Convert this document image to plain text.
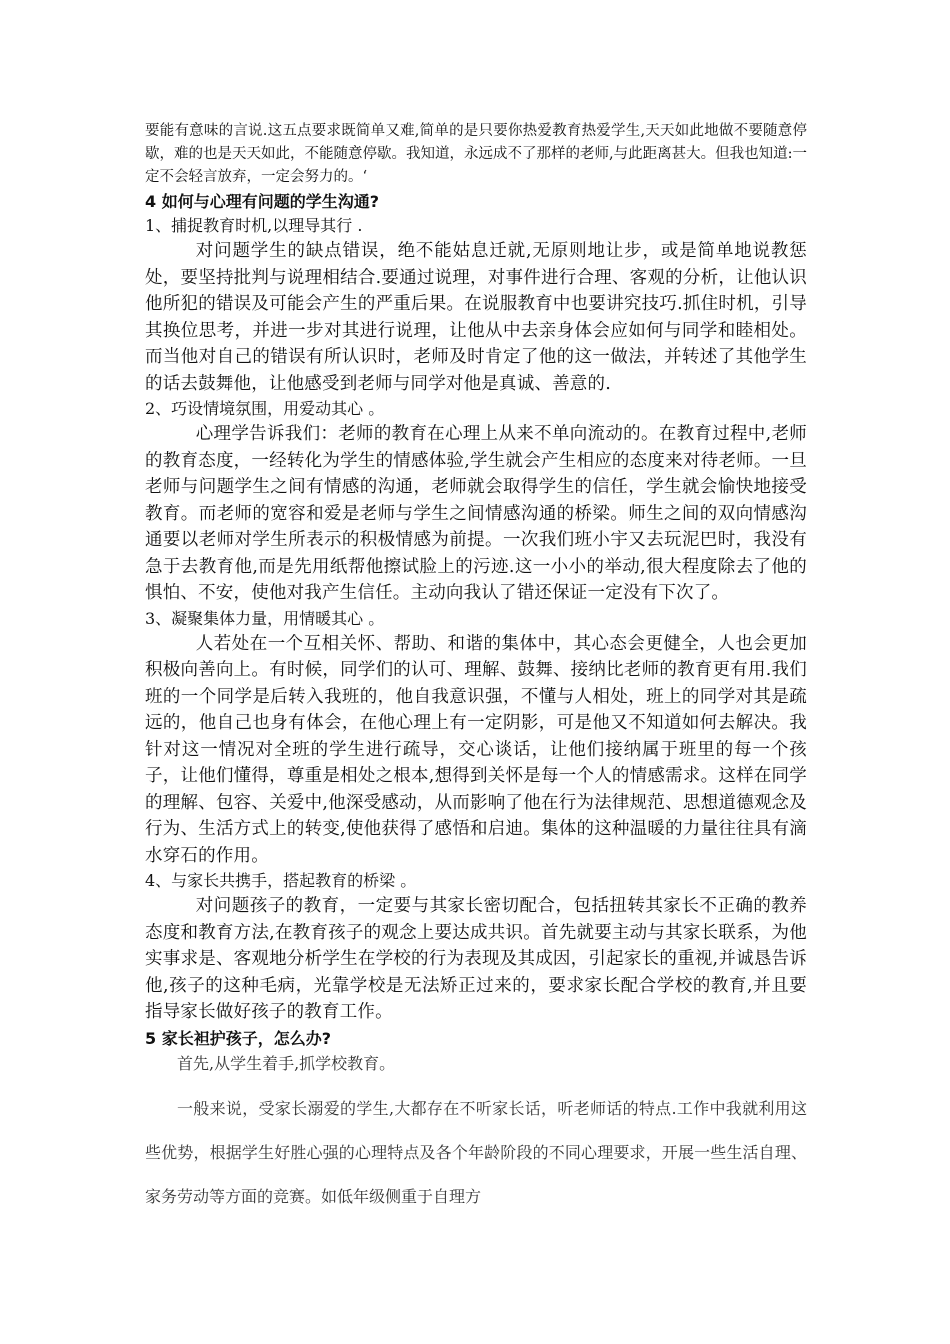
要能有意味的言说.这五点要求既简单又难,简单的是只要你热爱教育热爱学生,天天如此地做不要随意停歇，难的也是天天如此，不能随意停歇。我知道，永远成不了那样的老师,与此距离甚大。但我也知道:一定不会轻言放弃，一定会努力的。‘

4 如何与心理有问题的学生沟通?
1、捕捉教育时机,以理导其行 .

对问题学生的缺点错误，绝不能姑息迁就,无原则地让步，或是简单地说教惩处，要坚持批判与说理相结合.要通过说理，对事件进行合理、客观的分析，让他认识他所犯的错误及可能会产生的严重后果。在说服教育中也要讲究技巧.抓住时机，引导其换位思考，并进一步对其进行说理，让他从中去亲身体会应如何与同学和睦相处。而当他对自己的错误有所认识时，老师及时肯定了他的这一做法，并转述了其他学生的话去鼓舞他，让他感受到老师与同学对他是真诚、善意的.

2、巧设情境氛围，用爱动其心 。

心理学告诉我们：老师的教育在心理上从来不单向流动的。在教育过程中,老师的教育态度，一经转化为学生的情感体验,学生就会产生相应的态度来对待老师。一旦老师与问题学生之间有情感的沟通，老师就会取得学生的信任，学生就会愉快地接受教育。而老师的宽容和爱是老师与学生之间情感沟通的桥梁。师生之间的双向情感沟通要以老师对学生所表示的积极情感为前提。一次我们班小宇又去玩泥巴时，我没有急于去教育他,而是先用纸帮他擦试脸上的污迹.这一小小的举动,很大程度除去了他的惧怕、不安，使他对我产生信任。主动向我认了错还保证一定没有下次了。

3、凝聚集体力量，用情暖其心 。

人若处在一个互相关怀、帮助、和谐的集体中，其心态会更健全，人也会更加积极向善向上。有时候，同学们的认可、理解、鼓舞、接纳比老师的教育更有用.我们班的一个同学是后转入我班的，他自我意识强，不懂与人相处，班上的同学对其是疏远的，他自己也身有体会，在他心理上有一定阴影，可是他又不知道如何去解决。我针对这一情况对全班的学生进行疏导，交心谈话，让他们接纳属于班里的每一个孩子，让他们懂得，尊重是相处之根本,想得到关怀是每一个人的情感需求。这样在同学的理解、包容、关爱中,他深受感动，从而影响了他在行为法律规范、思想道德观念及行为、生活方式上的转变,使他获得了感悟和启迪。集体的这种温暖的力量往往具有滴水穿石的作用。

4、与家长共携手，搭起教育的桥梁 。

对问题孩子的教育，一定要与其家长密切配合，包括扭转其家长不正确的教养态度和教育方法,在教育孩子的观念上要达成共识。首先就要主动与其家长联系，为他实事求是、客观地分析学生在学校的行为表现及其成因，引起家长的重视,并诚恳告诉他,孩子的这种毛病，光靠学校是无法矫正过来的，要求家长配合学校的教育,并且要指导家长做好孩子的教育工作。

5 家长袒护孩子，怎么办?

首先,从学生着手,抓学校教育。

一般来说，受家长溺爱的学生,大都存在不听家长话，听老师话的特点.工作中我就利用这些优势，根据学生好胜心强的心理特点及各个年龄阶段的不同心理要求，开展一些生活自理、家务劳动等方面的竞赛。如低年级侧重于自理方
